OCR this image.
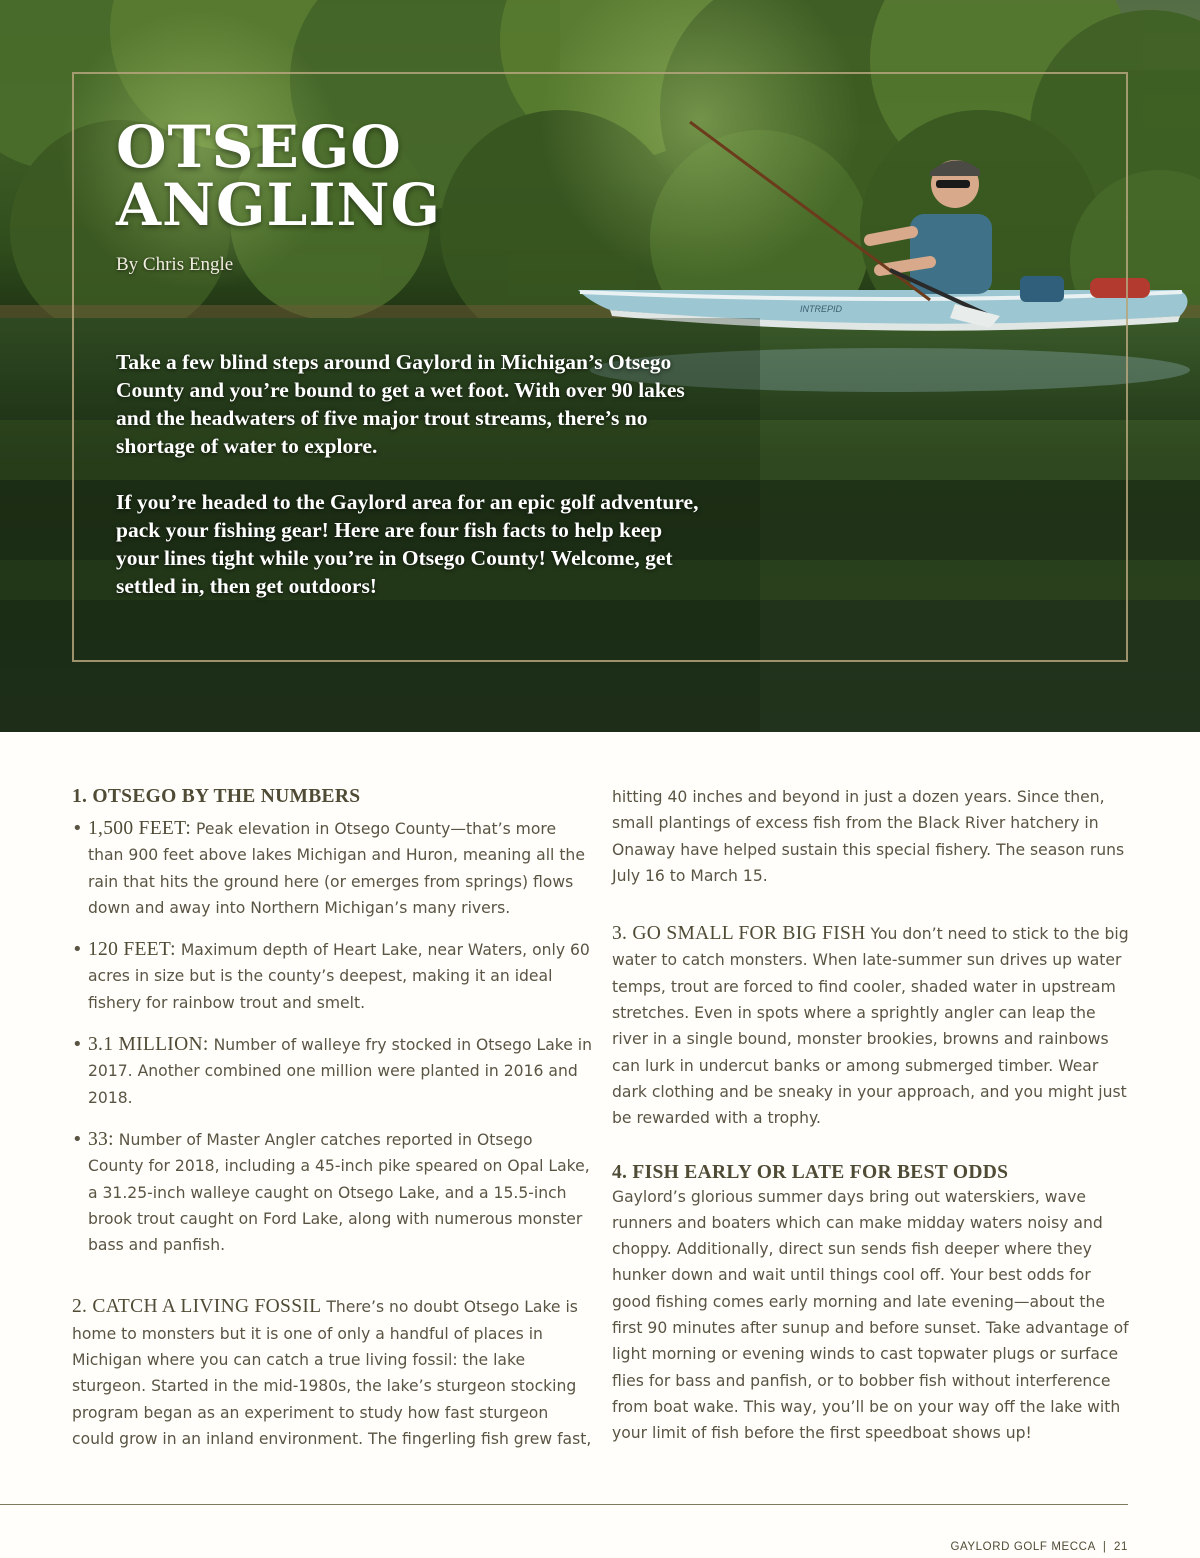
INTREPID
OTSEGO
ANGLING
By Chris Engle

Take a few blind steps around Gaylord in Michigan’s Otsego County and you’re bound to get a wet foot. With over 90 lakes and the headwaters of five major trout streams, there’s no shortage of water to explore.

If you’re headed to the Gaylord area for an epic golf adventure, pack your fishing gear! Here are four fish facts to help keep your lines tight while you’re in Otsego County! Welcome, get settled in, then get outdoors!

1. OTSEGO BY THE NUMBERS
• 1,500 FEET: Peak elevation in Otsego County—that’s more than 900 feet above lakes Michigan and Huron, meaning all the rain that hits the ground here (or emerges from springs) flows down and away into Northern Michigan’s many rivers.
• 120 FEET: Maximum depth of Heart Lake, near Waters, only 60 acres in size but is the county’s deepest, making it an ideal fishery for rainbow trout and smelt.
• 3.1 MILLION: Number of walleye fry stocked in Otsego Lake in 2017. Another combined one million were planted in 2016 and 2018.
• 33: Number of Master Angler catches reported in Otsego County for 2018, including a 45-inch pike speared on Opal Lake, a 31.25-inch walleye caught on Otsego Lake, and a 15.5-inch brook trout caught on Ford Lake, along with numerous monster bass and panfish.

2. CATCH A LIVING FOSSIL There’s no doubt Otsego Lake is home to monsters but it is one of only a handful of places in Michigan where you can catch a true living fossil: the lake sturgeon. Started in the mid-1980s, the lake’s sturgeon stocking program began as an experiment to study how fast sturgeon could grow in an inland environment. The fingerling fish grew fast,

hitting 40 inches and beyond in just a dozen years. Since then, small plantings of excess fish from the Black River hatchery in Onaway have helped sustain this special fishery. The season runs July 16 to March 15.

3. GO SMALL FOR BIG FISH You don’t need to stick to the big water to catch monsters. When late-summer sun drives up water temps, trout are forced to find cooler, shaded water in upstream stretches. Even in spots where a sprightly angler can leap the river in a single bound, monster brookies, browns and rainbows can lurk in undercut banks or among submerged timber. Wear dark clothing and be sneaky in your approach, and you might just be rewarded with a trophy.

4. FISH EARLY OR LATE FOR BEST ODDS

Gaylord’s glorious summer days bring out waterskiers, wave runners and boaters which can make midday waters noisy and choppy. Additionally, direct sun sends fish deeper where they hunker down and wait until things cool off. Your best odds for good fishing comes early morning and late evening—about the first 90 minutes after sunup and before sunset. Take advantage of light morning or evening winds to cast topwater plugs or surface flies for bass and panfish, or to bobber fish without interference from boat wake. This way, you’ll be on your way off the lake with your limit of fish before the first speedboat shows up!

GAYLORD GOLF MECCA | 21
